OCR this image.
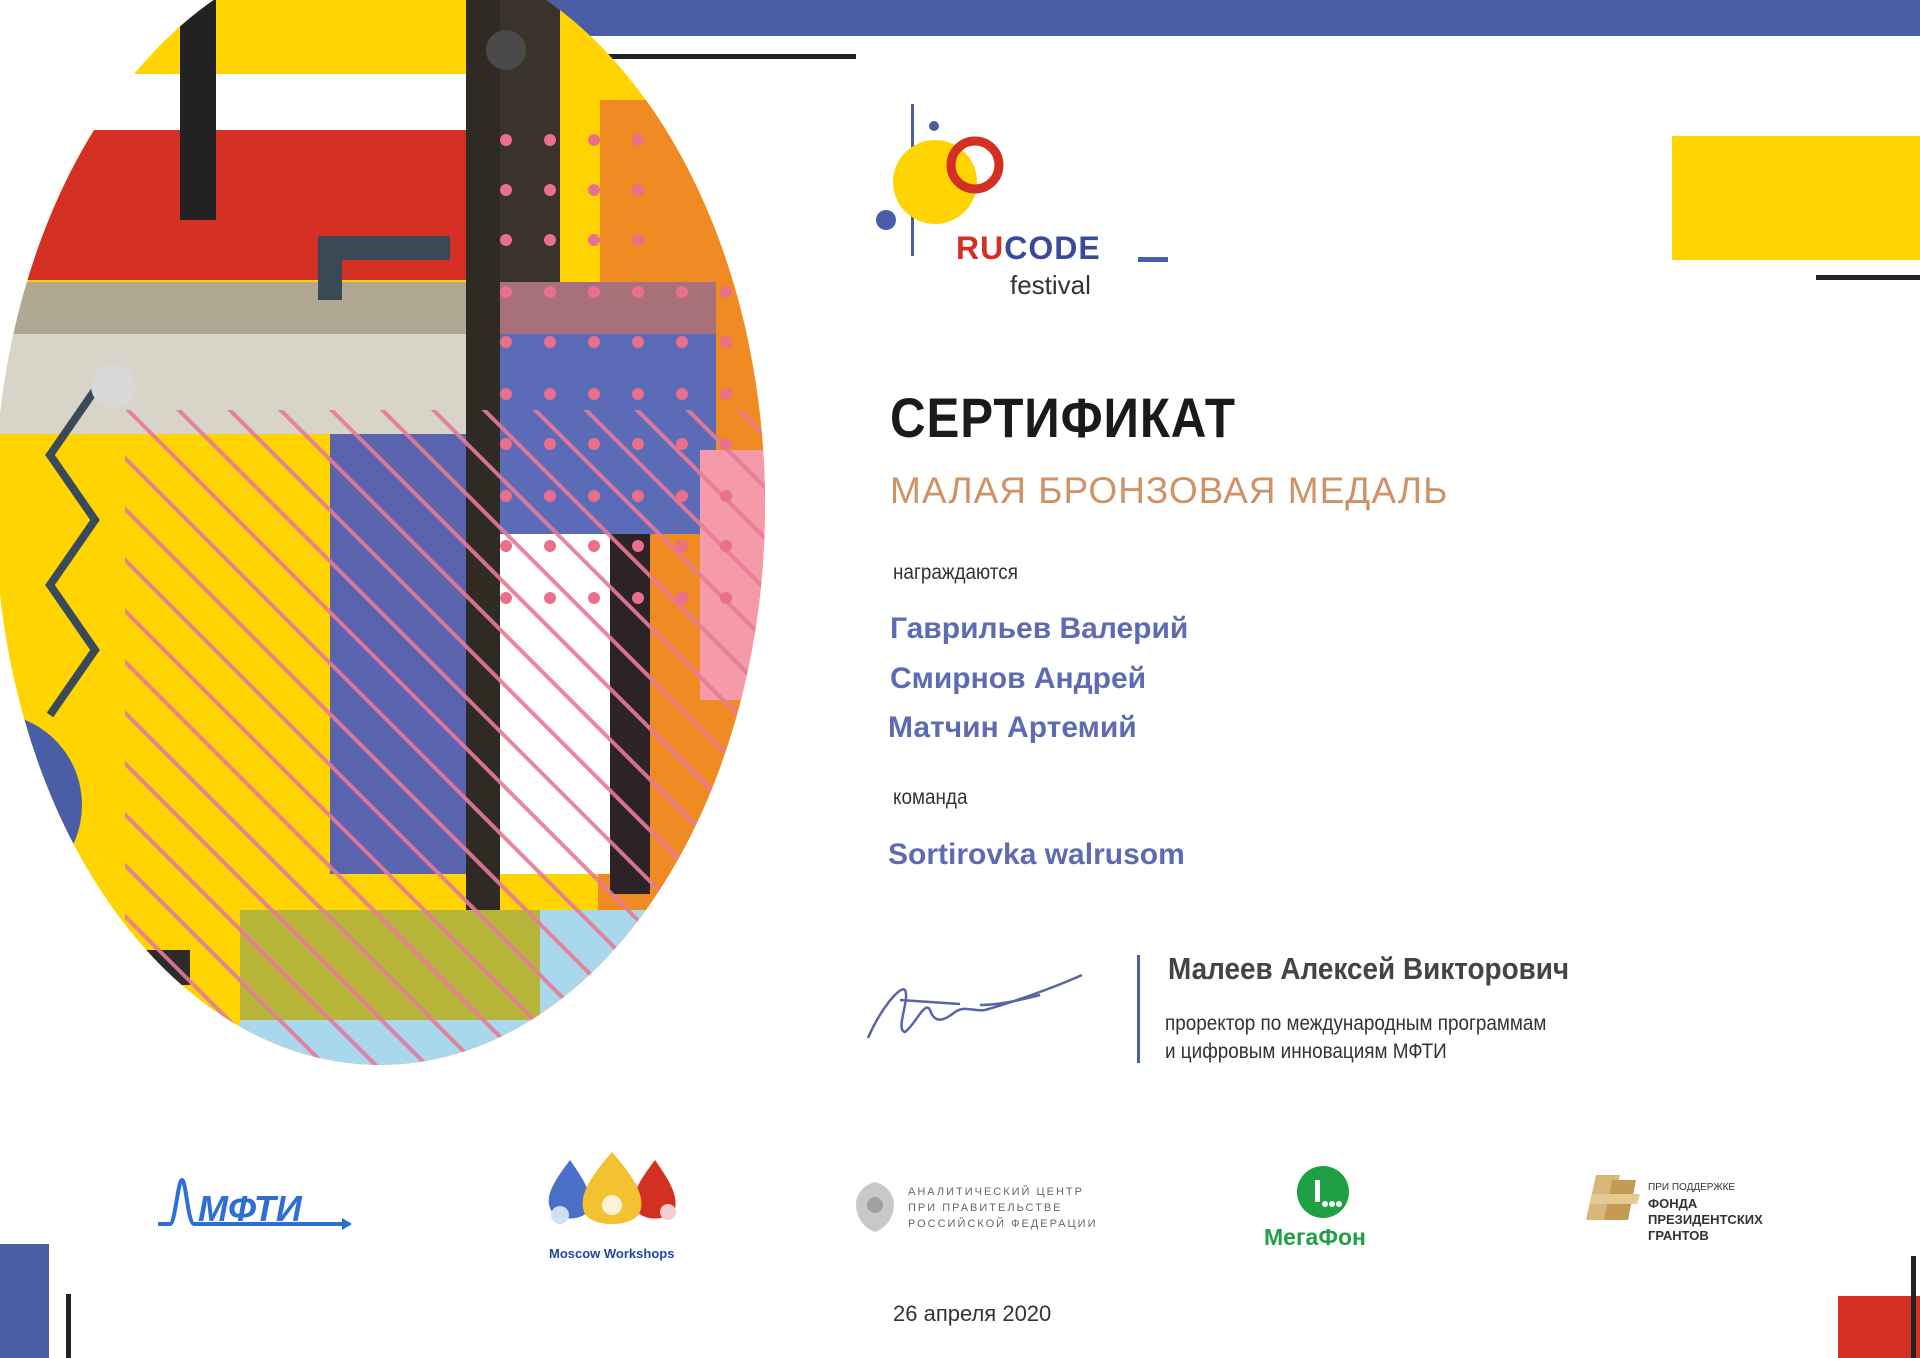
RUCODE
festival
СЕРТИФИКАТ
МАЛАЯ БРОНЗОВАЯ МЕДАЛЬ
награждаются
Гаврильев Валерий
Смирнов Андрей
Матчин Артемий
команда
Sortirovka walrusom
Малеев Алексей Викторович
проректор по международным программам
и цифровым инновациям МФТИ
МФТИ
Moscow Workshops
АНАЛИТИЧЕСКИЙ ЦЕНТР
ПРИ ПРАВИТЕЛЬСТВЕ
РОССИЙСКОЙ ФЕДЕРАЦИИ	МегаФон
ПРИ ПОДДЕРЖКЕ
ФОНДА
ПРЕЗИДЕНТСКИХ
ГРАНТОВ
26 апреля 2020
